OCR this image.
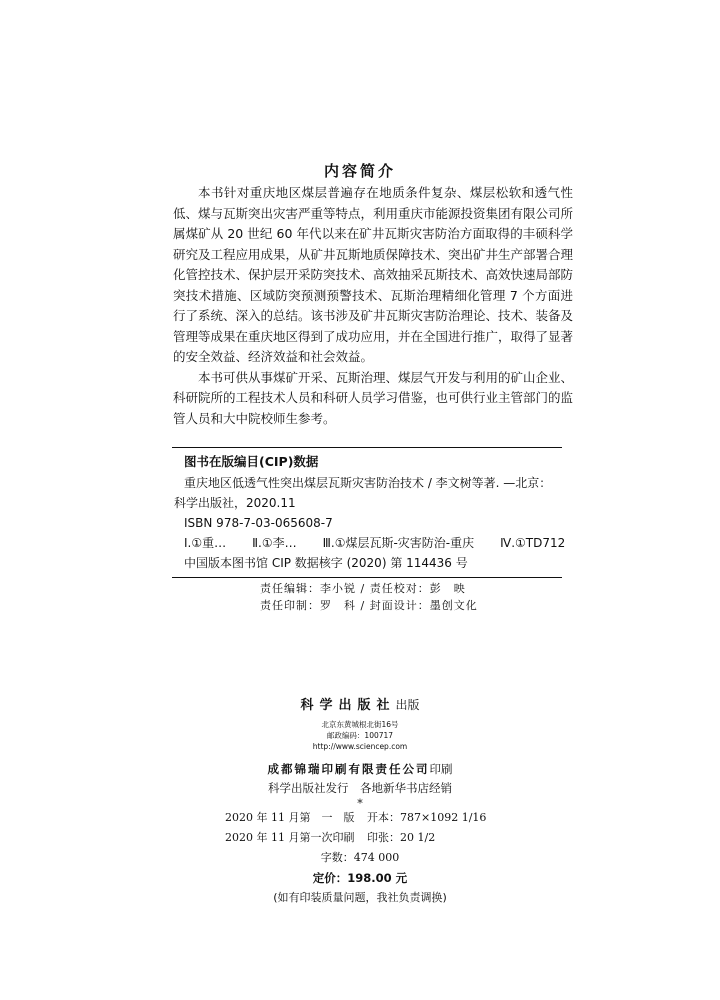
内容简介

本书针对重庆地区煤层普遍存在地质条件复杂、煤层松软和透气性低、煤与瓦斯突出灾害严重等特点，利用重庆市能源投资集团有限公司所属煤矿从 20 世纪 60 年代以来在矿井瓦斯灾害防治方面取得的丰硕科学研究及工程应用成果，从矿井瓦斯地质保障技术、突出矿井生产部署合理化管控技术、保护层开采防突技术、高效抽采瓦斯技术、高效快速局部防突技术措施、区域防突预测预警技术、瓦斯治理精细化管理 7 个方面进行了系统、深入的总结。该书涉及矿井瓦斯灾害防治理论、技术、装备及管理等成果在重庆地区得到了成功应用，并在全国进行推广，取得了显著的安全效益、经济效益和社会效益。

本书可供从事煤矿开采、瓦斯治理、煤层气开发与利用的矿山企业、科研院所的工程技术人员和科研人员学习借鉴，也可供行业主管部门的监管人员和大中院校师生参考。

图书在版编目(CIP)数据
重庆地区低透气性突出煤层瓦斯灾害防治技术 / 李文树等著. —北京：
科学出版社，2020.11
ISBN 978-7-03-065608-7
Ⅰ.①重… Ⅱ.①李… Ⅲ.①煤层瓦斯-灾害防治-重庆 Ⅳ.①TD712
中国版本图书馆 CIP 数据核字 (2020) 第 114436 号
责任编辑：李小锐 / 责任校对：彭　映
责任印制：罗　科 / 封面设计：墨创文化
科学出版社出版
北京东黄城根北街16号
邮政编码：100717
http://www.sciencep.com
成都锦瑞印刷有限责任公司印刷
科学出版社发行　各地新华书店经销
*
2020 年 11 月第　一　版 开本：787×1092 1/16
2020 年 11 月第一次印刷 印张：20 1/2
字数：474 000
定价：198.00 元
(如有印装质量问题，我社负责调换)
